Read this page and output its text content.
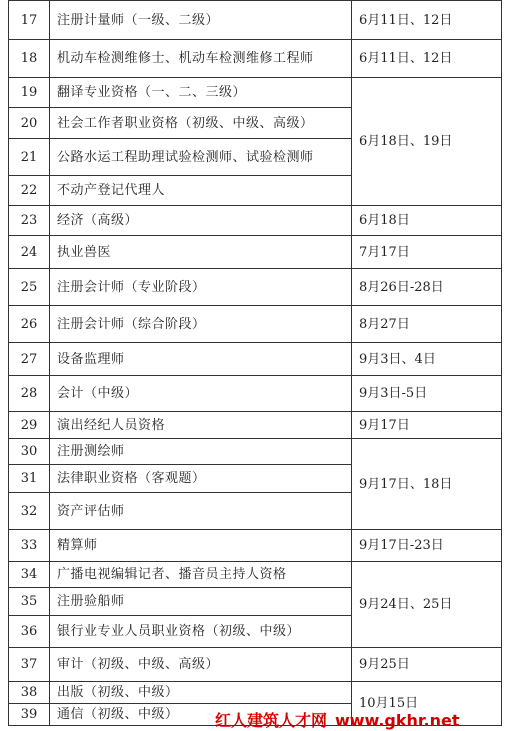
17	注册计量师（一级、二级）	6月11日、12日
18	机动车检测维修士、机动车检测维修工程师	6月11日、12日
19	翻译专业资格（一、二、三级）	6月18日、19日
20	社会工作者职业资格（初级、中级、高级）	
21	公路水运工程助理试验检测师、试验检测师	
22	不动产登记代理人	
23	经济（高级）	6月18日
24	执业兽医	7月17日
25	注册会计师（专业阶段）	8月26日-28日
26	注册会计师（综合阶段）	8月27日
27	设备监理师	9月3日、4日
28	会计（中级）	9月3日-5日
29	演出经纪人员资格	9月17日
30	注册测绘师	9月17日、18日
31	法律职业资格（客观题）	
32	资产评估师	
33	精算师	9月17日-23日
34	广播电视编辑记者、播音员主持人资格	9月24日、25日
35	注册验船师	
36	银行业专业人员职业资格（初级、中级）	
37	审计（初级、中级、高级）	9月25日
38	出版（初级、中级）	10月15日
39	通信（初级、中级）	红人建筑人才网 www.gkhr.net
